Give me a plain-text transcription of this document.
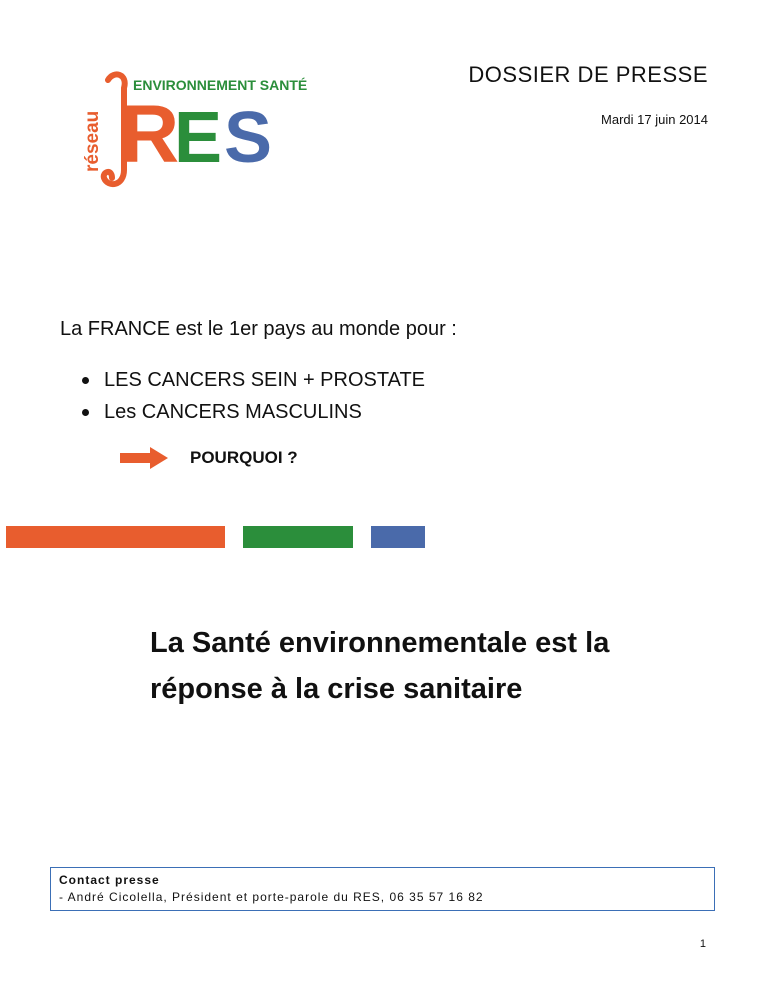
ENVIRONNEMENT SANTÉ
réseau R
E S
DOSSIER DE PRESSE
Mardi 17 juin 2014
La FRANCE est le 1er pays au monde pour :
LES CANCERS SEIN + PROSTATE
Les CANCERS MASCULINS
POURQUOI ?
La Santé environnementale est la
réponse à la crise sanitaire
Contact presse
- André Cicolella, Président et porte-parole du RES, 06 35 57 16 82
1
